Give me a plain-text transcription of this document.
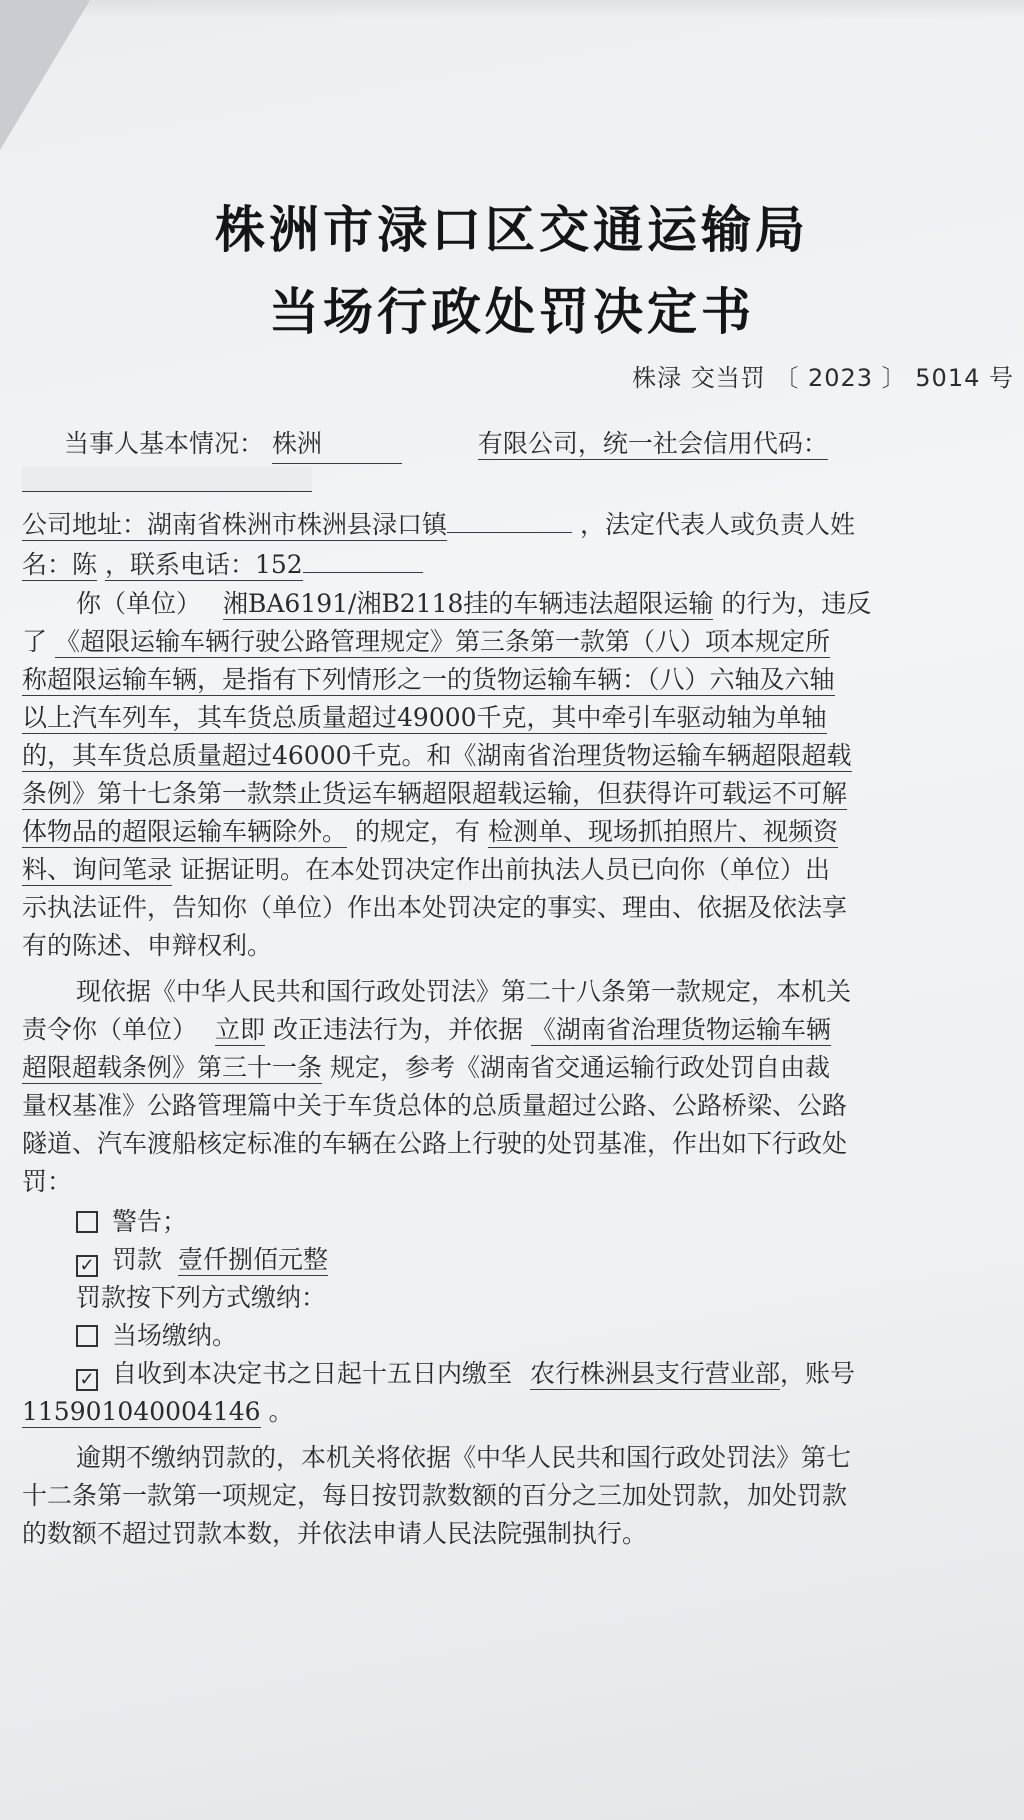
株洲市渌口区交通运输局
当场行政处罚决定书
株渌 交当罚 〔 2023 〕 5014 号
当事人基本情况： 株洲	有限公司，统一社会信用代码：
公司地址：湖南省株洲市株洲县渌口镇	，法定代表人或负责人姓
名：陈 ，联系电话：152
你（单位） 湘BA6191/湘B2118挂的车辆违法超限运输 的行为，违反
了 《超限运输车辆行驶公路管理规定》第三条第一款第（八）项本规定所
称超限运输车辆，是指有下列情形之一的货物运输车辆：（八）六轴及六轴
以上汽车列车，其车货总质量超过49000千克，其中牵引车驱动轴为单轴
的，其车货总质量超过46000千克。和《湖南省治理货物运输车辆超限超载
条例》第十七条第一款禁止货运车辆超限超载运输，但获得许可载运不可解
体物品的超限运输车辆除外。 的规定，有 检测单、现场抓拍照片、视频资
料、询问笔录 证据证明。在本处罚决定作出前执法人员已向你（单位）出
示执法证件，告知你（单位）作出本处罚决定的事实、理由、依据及依法享
有的陈述、申辩权利。
现依据《中华人民共和国行政处罚法》第二十八条第一款规定，本机关
责令你（单位） 立即 改正违法行为，并依据 《湖南省治理货物运输车辆
超限超载条例》第三十一条 规定，参考《湖南省交通运输行政处罚自由裁
量权基准》公路管理篇中关于车货总体的总质量超过公路、公路桥梁、公路
隧道、汽车渡船核定标准的车辆在公路上行驶的处罚基准，作出如下行政处
罚：
警告；
✓ 罚款 壹仟捌佰元整
罚款按下列方式缴纳：
当场缴纳。
✓ 自收到本决定书之日起十五日内缴至 农行株洲县支行营业部，账号
115901040004146 。
逾期不缴纳罚款的，本机关将依据《中华人民共和国行政处罚法》第七
十二条第一款第一项规定，每日按罚款数额的百分之三加处罚款，加处罚款
的数额不超过罚款本数，并依法申请人民法院强制执行。
